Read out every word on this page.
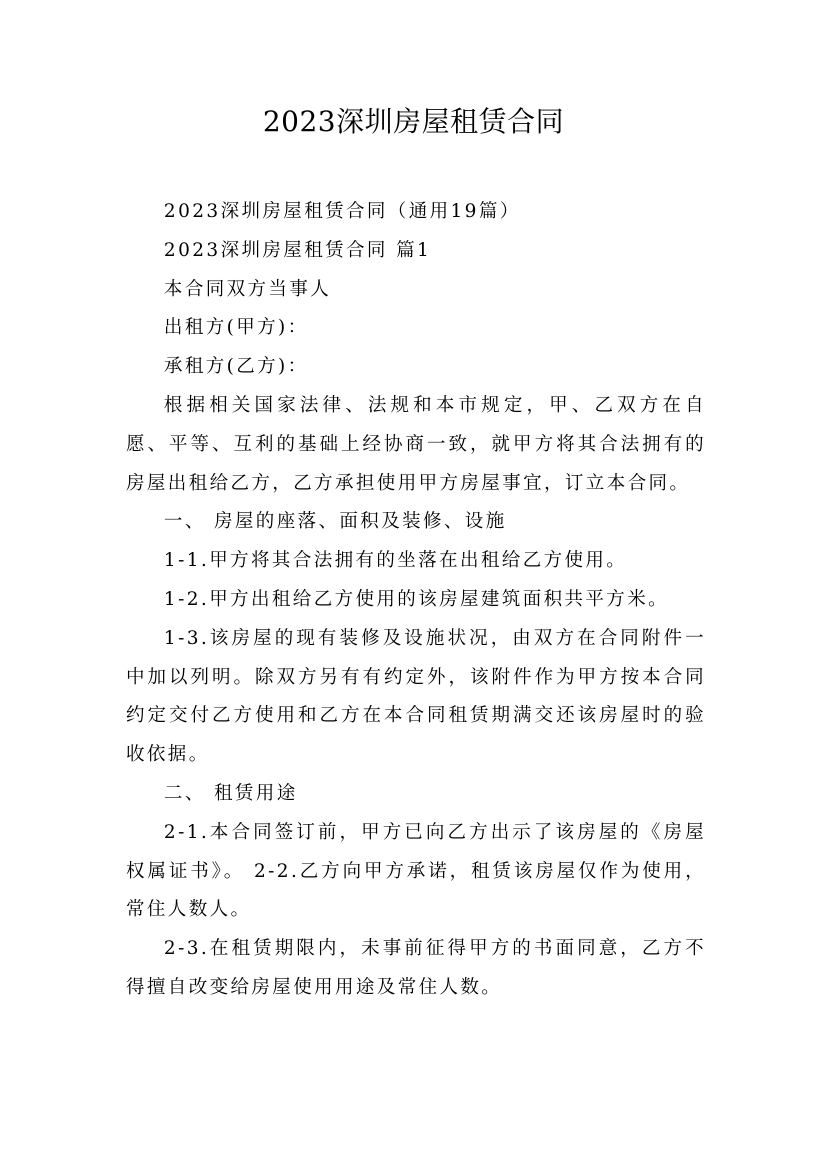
2023深圳房屋租赁合同

2023深圳房屋租赁合同（通用19篇）

2023深圳房屋租赁合同 篇1

本合同双方当事人

出租方(甲方)：

承租方(乙方)：

根据相关国家法律、法规和本市规定，甲、乙双方在自愿、平等、互利的基础上经协商一致，就甲方将其合法拥有的房屋出租给乙方，乙方承担使用甲方房屋事宜，订立本合同。

一、 房屋的座落、面积及装修、设施

1-1.甲方将其合法拥有的坐落在出租给乙方使用。

1-2.甲方出租给乙方使用的该房屋建筑面积共平方米。

1-3.该房屋的现有装修及设施状况，由双方在合同附件一中加以列明。除双方另有有约定外，该附件作为甲方按本合同约定交付乙方使用和乙方在本合同租赁期满交还该房屋时的验收依据。

二、 租赁用途

2-1.本合同签订前，甲方已向乙方出示了该房屋的《房屋权属证书》。 2-2.乙方向甲方承诺，租赁该房屋仅作为使用，常住人数人。

2-3.在租赁期限内，未事前征得甲方的书面同意，乙方不得擅自改变给房屋使用用途及常住人数。
